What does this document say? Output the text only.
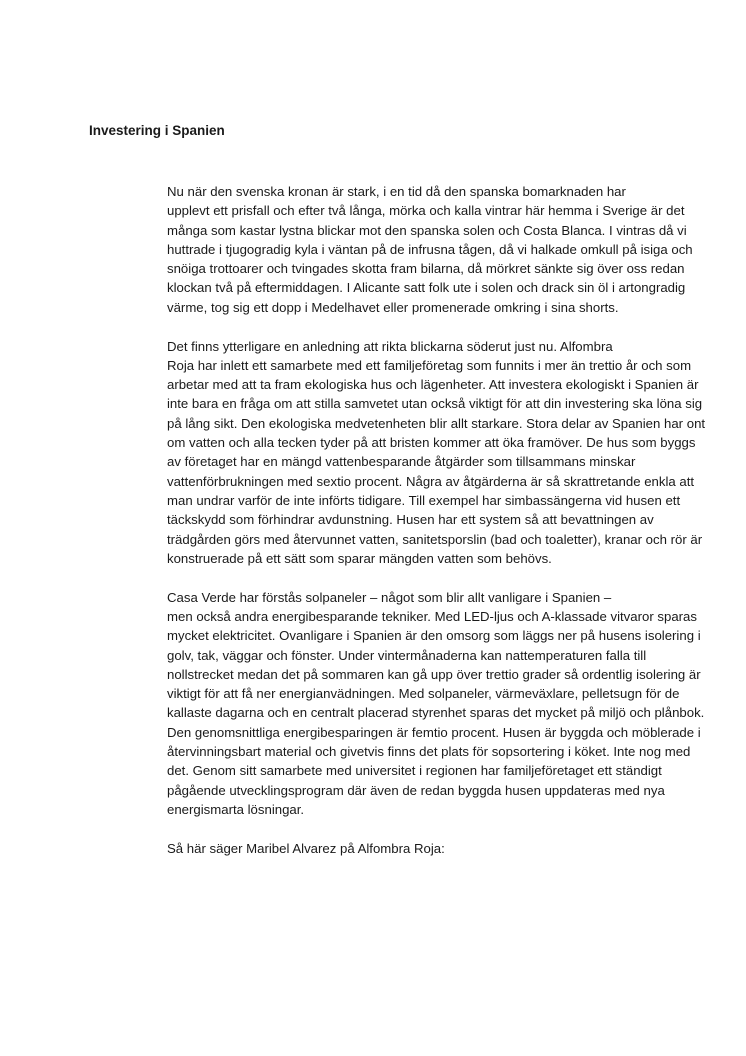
Investering i Spanien

Nu när den svenska kronan är stark, i en tid då den spanska bomarknaden har
upplevt ett prisfall och efter två långa, mörka och kalla vintrar här hemma i Sverige är det
många som kastar lystna blickar mot den spanska solen och Costa Blanca. I vintras då vi
huttrade i tjugogradig kyla i väntan på de infrusna tågen, då vi halkade omkull på isiga och
snöiga trottoarer och tvingades skotta fram bilarna, då mörkret sänkte sig över oss redan
klockan två på eftermiddagen. I Alicante satt folk ute i solen och drack sin öl i artongradig
värme, tog sig ett dopp i Medelhavet eller promenerade omkring i sina shorts.

Det finns ytterligare en anledning att rikta blickarna söderut just nu. Alfombra
Roja har inlett ett samarbete med ett familjeföretag som funnits i mer än trettio år och som
arbetar med att ta fram ekologiska hus och lägenheter. Att investera ekologiskt i Spanien är
inte bara en fråga om att stilla samvetet utan också viktigt för att din investering ska löna sig
på lång sikt. Den ekologiska medvetenheten blir allt starkare. Stora delar av Spanien har ont
om vatten och alla tecken tyder på att bristen kommer att öka framöver. De hus som byggs
av företaget har en mängd vattenbesparande åtgärder som tillsammans minskar
vattenförbrukningen med sextio procent. Några av åtgärderna är så skrattretande enkla att
man undrar varför de inte införts tidigare. Till exempel har simbassängerna vid husen ett
täckskydd som förhindrar avdunstning. Husen har ett system så att bevattningen av
trädgården görs med återvunnet vatten, sanitetsporslin (bad och toaletter), kranar och rör är
konstruerade på ett sätt som sparar mängden vatten som behövs.

Casa Verde har förstås solpaneler – något som blir allt vanligare i Spanien –
men också andra energibesparande tekniker. Med LED-ljus och A-klassade vitvaror sparas
mycket elektricitet. Ovanligare i Spanien är den omsorg som läggs ner på husens isolering i
golv, tak, väggar och fönster. Under vintermånaderna kan nattemperaturen falla till
nollstrecket medan det på sommaren kan gå upp över trettio grader så ordentlig isolering är
viktigt för att få ner energianvädningen. Med solpaneler, värmeväxlare, pelletsugn för de
kallaste dagarna och en centralt placerad styrenhet sparas det mycket på miljö och plånbok.
Den genomsnittliga energibesparingen är femtio procent. Husen är byggda och möblerade i
återvinningsbart material och givetvis finns det plats för sopsortering i köket. Inte nog med
det. Genom sitt samarbete med universitet i regionen har familjeföretaget ett ständigt
pågående utvecklingsprogram där även de redan byggda husen uppdateras med nya
energismarta lösningar.

Så här säger Maribel Alvarez på Alfombra Roja:
